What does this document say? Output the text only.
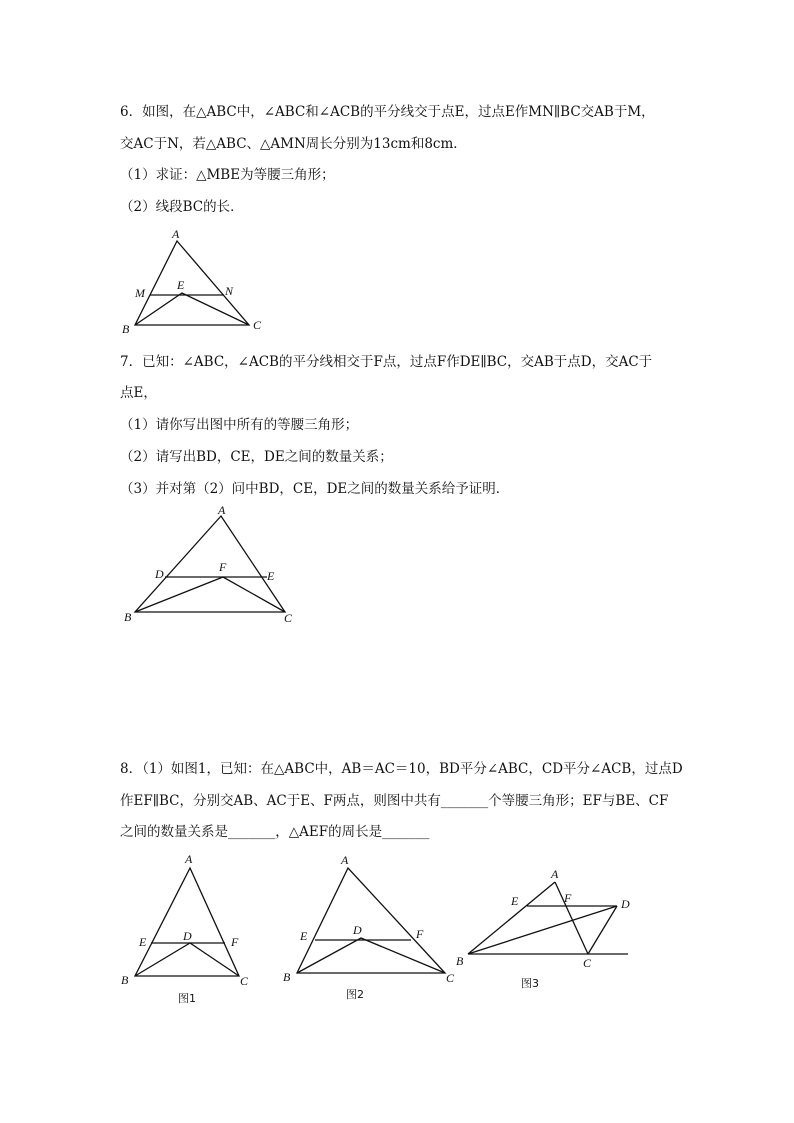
6．如图，在△ABC中，∠ABC和∠ACB的平分线交于点E，过点E作MN∥BC交AB于M，
交AC于N，若△ABC、△AMN周长分别为13cm和8cm．
（1）求证：△MBE为等腰三角形；
（2）线段BC的长．
A
M
E	N
B	C
7．已知：∠ABC，∠ACB的平分线相交于F点，过点F作DE∥BC，交AB于点D，交AC于
点E，
（1）请你写出图中所有的等腰三角形；
（2）请写出BD，CE，DE之间的数量关系；
（3）并对第（2）问中BD，CE，DE之间的数量关系给予证明．
A
D	F
E
B	C
8．（1）如图1，已知：在△ABC中，AB＝AC＝10，BD平分∠ABC，CD平分∠ACB，过点D
作EF∥BC，分别交AB、AC于E、F两点，则图中共有_______个等腰三角形；EF与BE、CF
之间的数量关系是_______，△AEF的周长是_______
A
E	D	F
B	C
图1
A
E	D	F
B	C
图2
A
E	F	D
B	C
图3
